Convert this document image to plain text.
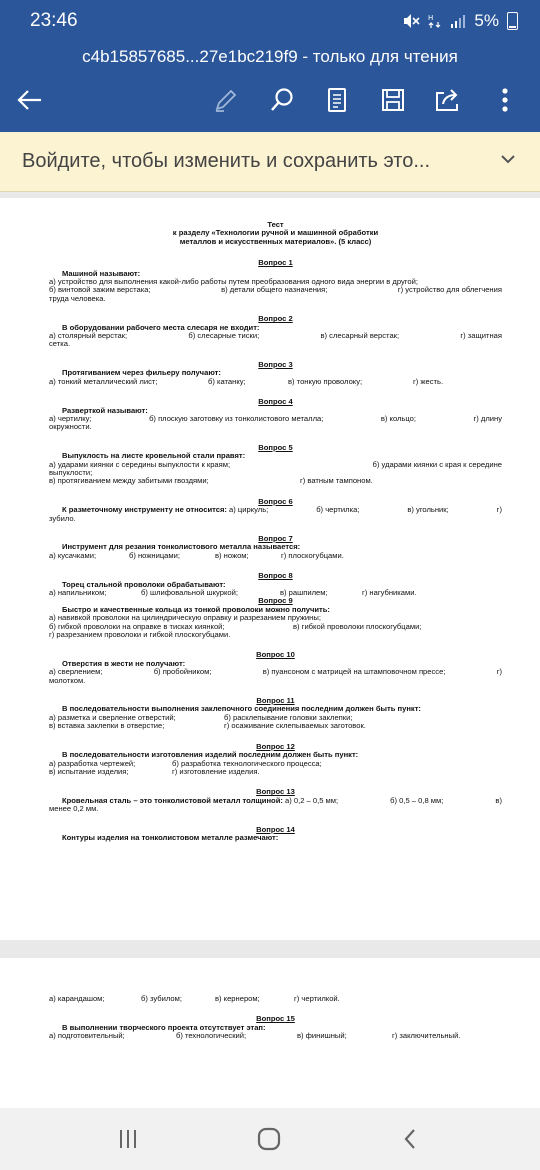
23:46	H 5%
c4b15857685...27e1bc219f9 - только для чтения
Войдите, чтобы изменить и сохранить это...
Тест
к разделу «Технологии ручной и машинной обработки
металлов и искусственных материалов». (5 класс)
Вопрос 1
Машиной называют:
а) устройство для выполнения какой-либо работы путем преобразования одного вида энергии в другой;
б) винтовой зажим верстака;	в) детали общего назначения;	г) устройство для облегчения
труда человека.
Вопрос 2
В оборудовании рабочего места слесаря не входит:
а) столярный верстак;	б) слесарные тиски;	в) слесарный верстак;	г) защитная
сетка.
Вопрос 3
Протягиванием через фильеру получают:
а) тонкий металлический лист;	б) катанку;	в) тонкую проволоку;	г) жесть.
Вопрос 4
Разверткой называют:
а) чертилку;	б) плоскую заготовку из тонколистового металла;	в) кольцо;	г) длину
окружности.
Вопрос 5
Выпуклость на листе кровельной стали правят:
а) ударами киянки с середины выпуклости к краям;	б) ударами киянки с края к середине
выпуклости;
в) протягиванием между забитыми гвоздями;	г) ватным тампоном.
Вопрос 6
К разметочному инструменту не относится: а) циркуль;	б) чертилка;	в) угольник;	г)
зубило.
Вопрос 7
Инструмент для резания тонколистового металла называется:
а) кусачками;	б) ножницами;	в) ножом;	г) плоскогубцами.
Вопрос 8
Торец стальной проволоки обрабатывают:
а) напильником;	б) шлифовальной шкуркой;	в) рашпилем;	г) нагубниками.
Вопрос 9
Быстро и качественные кольца из тонкой проволоки можно получить:
а) навивкой проволоки на цилиндрическую оправку и разрезанием пружины;
б) гибкой проволоки на оправке в тисках киянкой;	в) гибкой проволоки плоскогубцами;
г) разрезанием проволоки и гибкой плоскогубцами.
Вопрос 10
Отверстия в жести не получают:
а) сверлением;	б) пробойником;	в) пуансоном с матрицей на штамповочном прессе;	г)
молотком.
Вопрос 11
В последовательности выполнения заклепочного соединения последним должен быть пункт:
а) разметка и сверление отверстий;	б) расклепывание головки заклепки;
в) вставка заклепки в отверстие;	г) осаживание склепываемых заготовок.
Вопрос 12
В последовательности изготовления изделий последним должен быть пункт:
а) разработка чертежей;	б) разработка технологического процесса;
в) испытание изделия;	г) изготовление изделия.
Вопрос 13
Кровельная сталь – это тонколистовой металл толщиной: а) 0,2 – 0,5 мм;	б) 0,5 – 0,8 мм;	в)
менее 0,2 мм.
Вопрос 14
Контуры изделия на тонколистовом металле размечают:
а) карандашом;	б) зубилом;	в) кернером;	г) чертилкой.
Вопрос 15
В выполнении творческого проекта отсутствует этап:
а) подготовительный;	б) технологический;	в) финишный;	г) заключительный.
